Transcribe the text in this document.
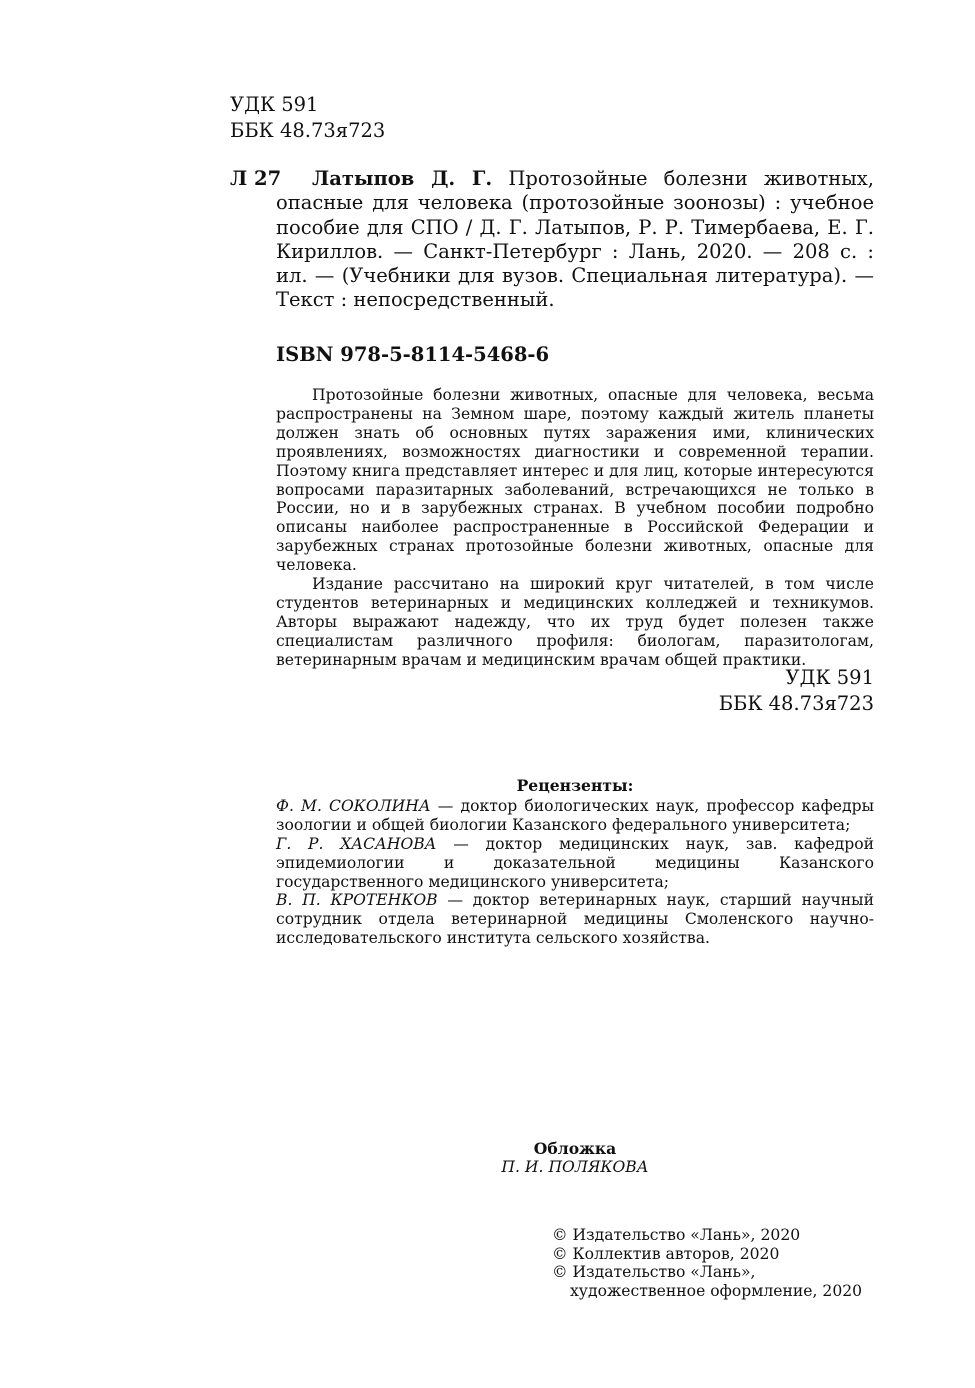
УДК 591
ББК 48.73я723
Л 27	Латыпов Д. Г. Протозойные болезни животных, опасные для человека (протозойные зоонозы) : учебное пособие для СПО / Д. Г. Латыпов, Р. Р. Тимербаева, Е. Г. Кириллов. — Санкт-Петербург : Лань, 2020. — 208 с. : ил. — (Учебники для вузов. Специальная литература). — Текст : непосредственный.
ISBN 978-5-8114-5468-6

Протозойные болезни животных, опасные для человека, весьма распространены на Земном шаре, поэтому каждый житель планеты должен знать об основных путях заражения ими, клинических проявлениях, возможностях диагностики и современной терапии. Поэтому книга представляет интерес и для лиц, которые интересуются вопросами паразитарных заболеваний, встречающихся не только в России, но и в зарубежных странах. В учебном пособии подробно описаны наиболее распространенные в Российской Федерации и зарубежных странах протозойные болезни животных, опасные для человека.

Издание рассчитано на широкий круг читателей, в том числе студентов ветеринарных и медицинских колледжей и техникумов. Авторы выражают надежду, что их труд будет полезен также специалистам различного профиля: биологам, паразитологам, ветеринарным врачам и медицинским врачам общей практики.

УДК 591
ББК 48.73я723
Рецензенты:

Ф. М. СОКОЛИНА — доктор биологических наук, профессор кафедры зоологии и общей биологии Казанского федерального университета;

Г. Р. ХАСАНОВА — доктор медицинских наук, зав. кафедрой эпидемиологии и доказательной медицины Казанского государственного медицинского университета;

В. П. КРОТЕНКОВ — доктор ветеринарных наук, старший научный сотрудник отдела ветеринарной медицины Смоленского научно-исследовательского института сельского хозяйства.

Обложка
П. И. ПОЛЯКОВА
© Издательство «Лань», 2020
© Коллектив авторов, 2020
© Издательство «Лань»,
художественное оформление, 2020
